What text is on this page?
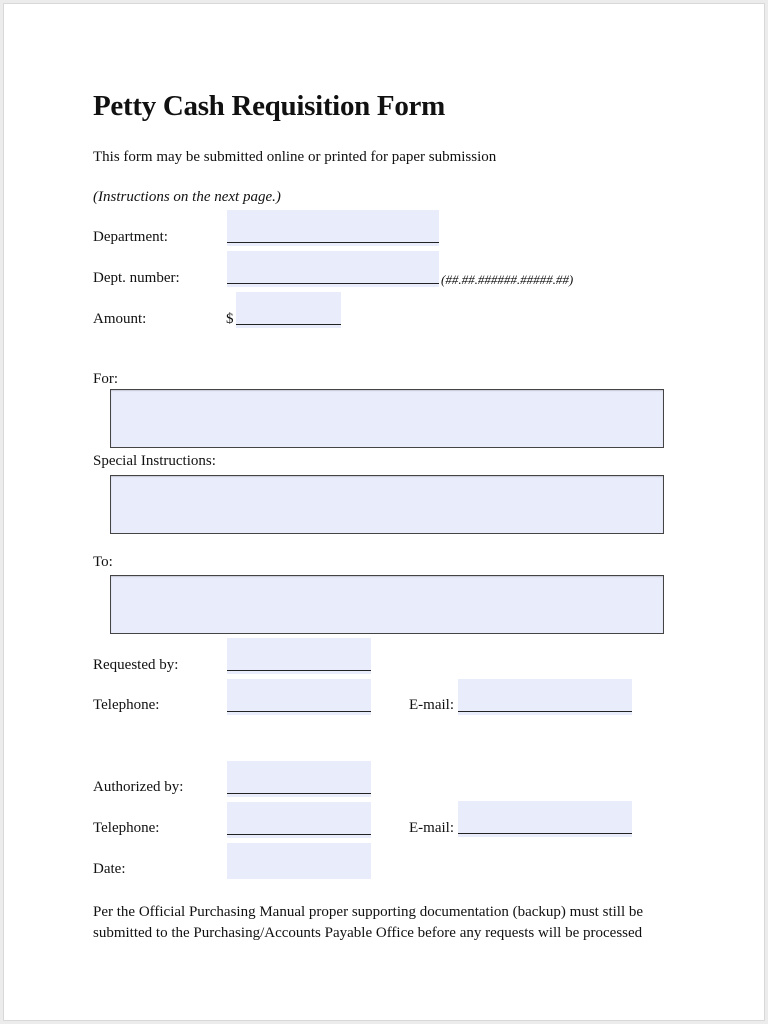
Petty Cash Requisition Form
This form may be submitted online or printed for paper submission
(Instructions on the next page.)
Department:
Dept. number:	(##.##.######.#####.##)
Amount:	$
For:
Special Instructions:
To:
Requested by:
Telephone:	E-mail:
Authorized by:
Telephone:	E-mail:
Date:
Per the Official Purchasing Manual proper supporting documentation (backup) must still be submitted to the Purchasing/Accounts Payable Office before any requests will be processed
